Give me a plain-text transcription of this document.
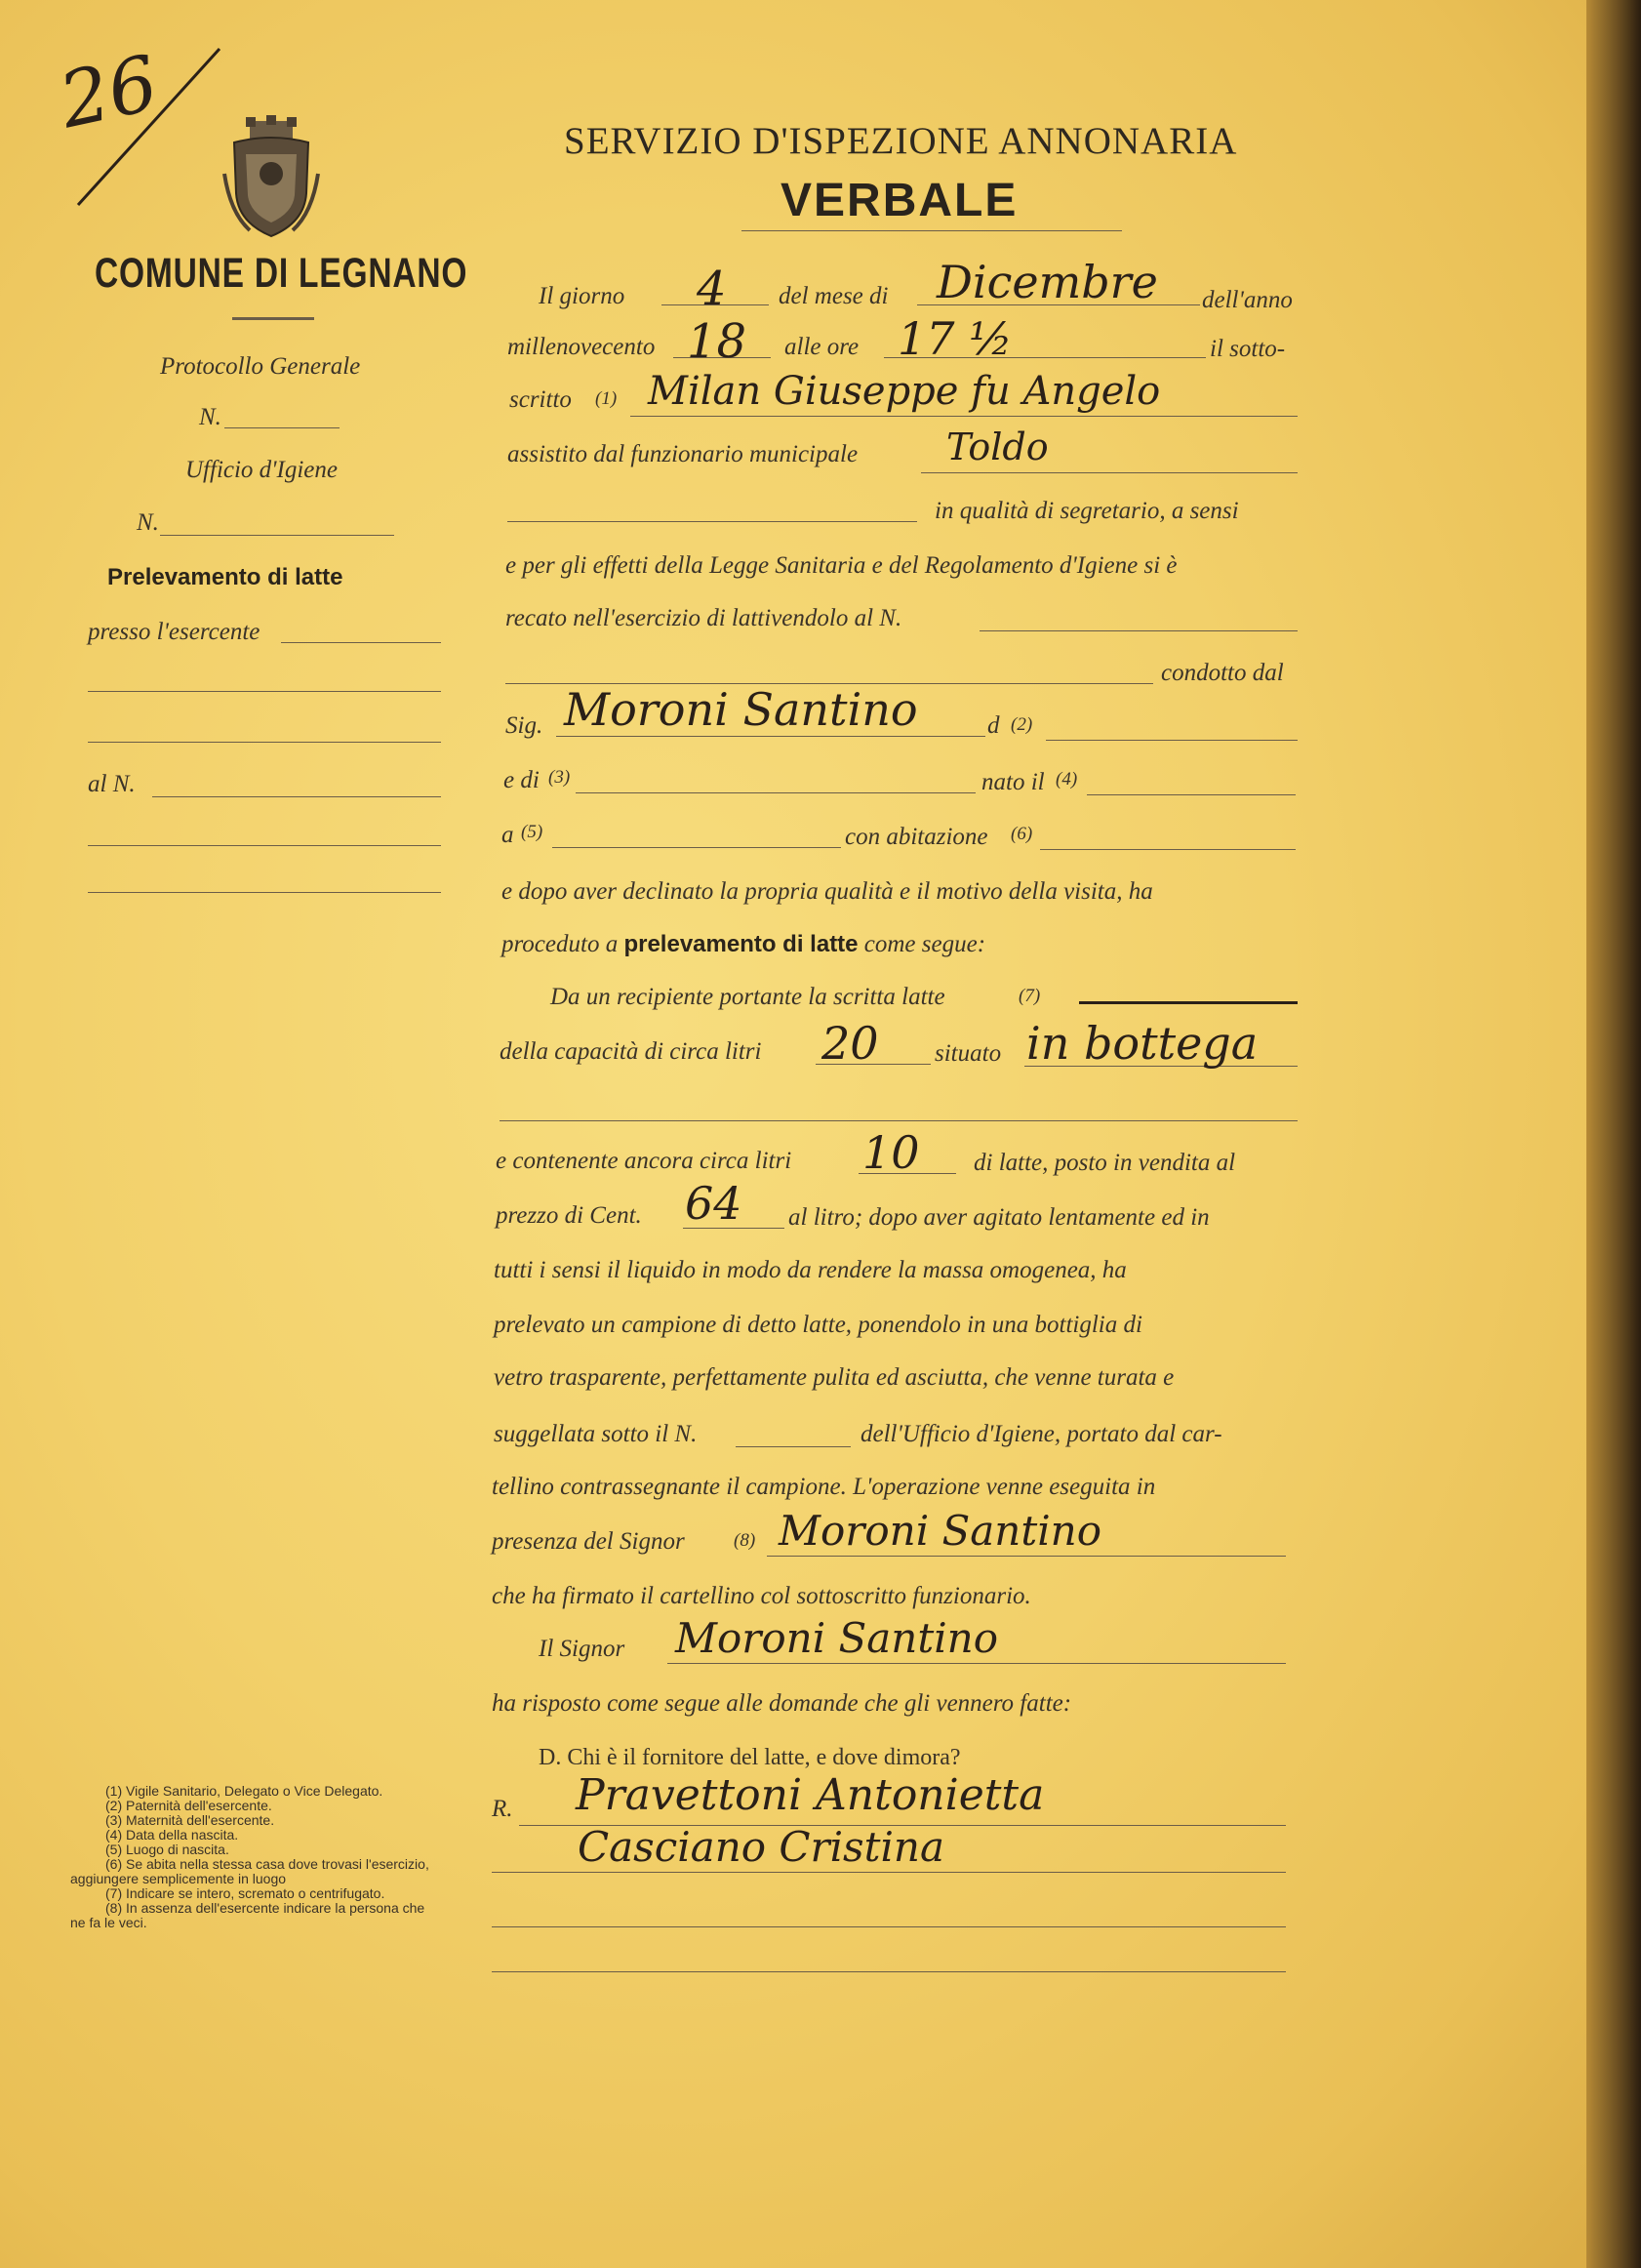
26
COMUNE DI LEGNANO
Protocollo Generale
N.
Ufficio d'Igiene
N.
Prelevamento di latte
presso l'esercente
al N.
SERVIZIO D'ISPEZIONE ANNONARIA
VERBALE
Il giorno 4 del mese di Dicembre dell'anno
millenovecento 18 alle ore 17 ½	il sotto-
scritto (1) Milan Giuseppe fu Angelo
assistito dal funzionario municipale Toldo
in qualità di segretario, a sensi
e per gli effetti della Legge Sanitaria e del Regolamento d'Igiene si è
recato nell'esercizio di lattivendolo al N.
condotto dal
Sig. Moroni Santino	d (2)
e di (3)	nato il (4)
a (5)	con abitazione (6)
e dopo aver declinato la propria qualità e il motivo della visita, ha
proceduto a prelevamento di latte come segue:
Da un recipiente portante la scritta latte	(7)
della capacità di circa litri 20 situato in bottega
e contenente ancora circa litri 10 di latte, posto in vendita al
prezzo di Cent. 64 al litro; dopo aver agitato lentamente ed in
tutti i sensi il liquido in modo da rendere la massa omogenea, ha
prelevato un campione di detto latte, ponendolo in una bottiglia di
vetro trasparente, perfettamente pulita ed asciutta, che venne turata e
suggellata sotto il N.	dell'Ufficio d'Igiene, portato dal car-
tellino contrassegnante il campione. L'operazione venne eseguita in
presenza del Signor	(8) Moroni Santino
che ha firmato il cartellino col sottoscritto funzionario.
Il Signor Moroni Santino
ha risposto come segue alle domande che gli vennero fatte:
D. Chi è il fornitore del latte, e dove dimora?
R. Pravettoni Antonietta
Casciano Cristina
(1) Vigile Sanitario, Delegato o Vice Delegato.
(2) Paternità dell'esercente.
(3) Maternità dell'esercente.
(4) Data della nascita.
(5) Luogo di nascita.
(6) Se abita nella stessa casa dove trovasi l'esercizio, aggiungere semplicemente in luogo
(7) Indicare se intero, scremato o centrifugato.
(8) In assenza dell'esercente indicare la persona che ne fa le veci.
